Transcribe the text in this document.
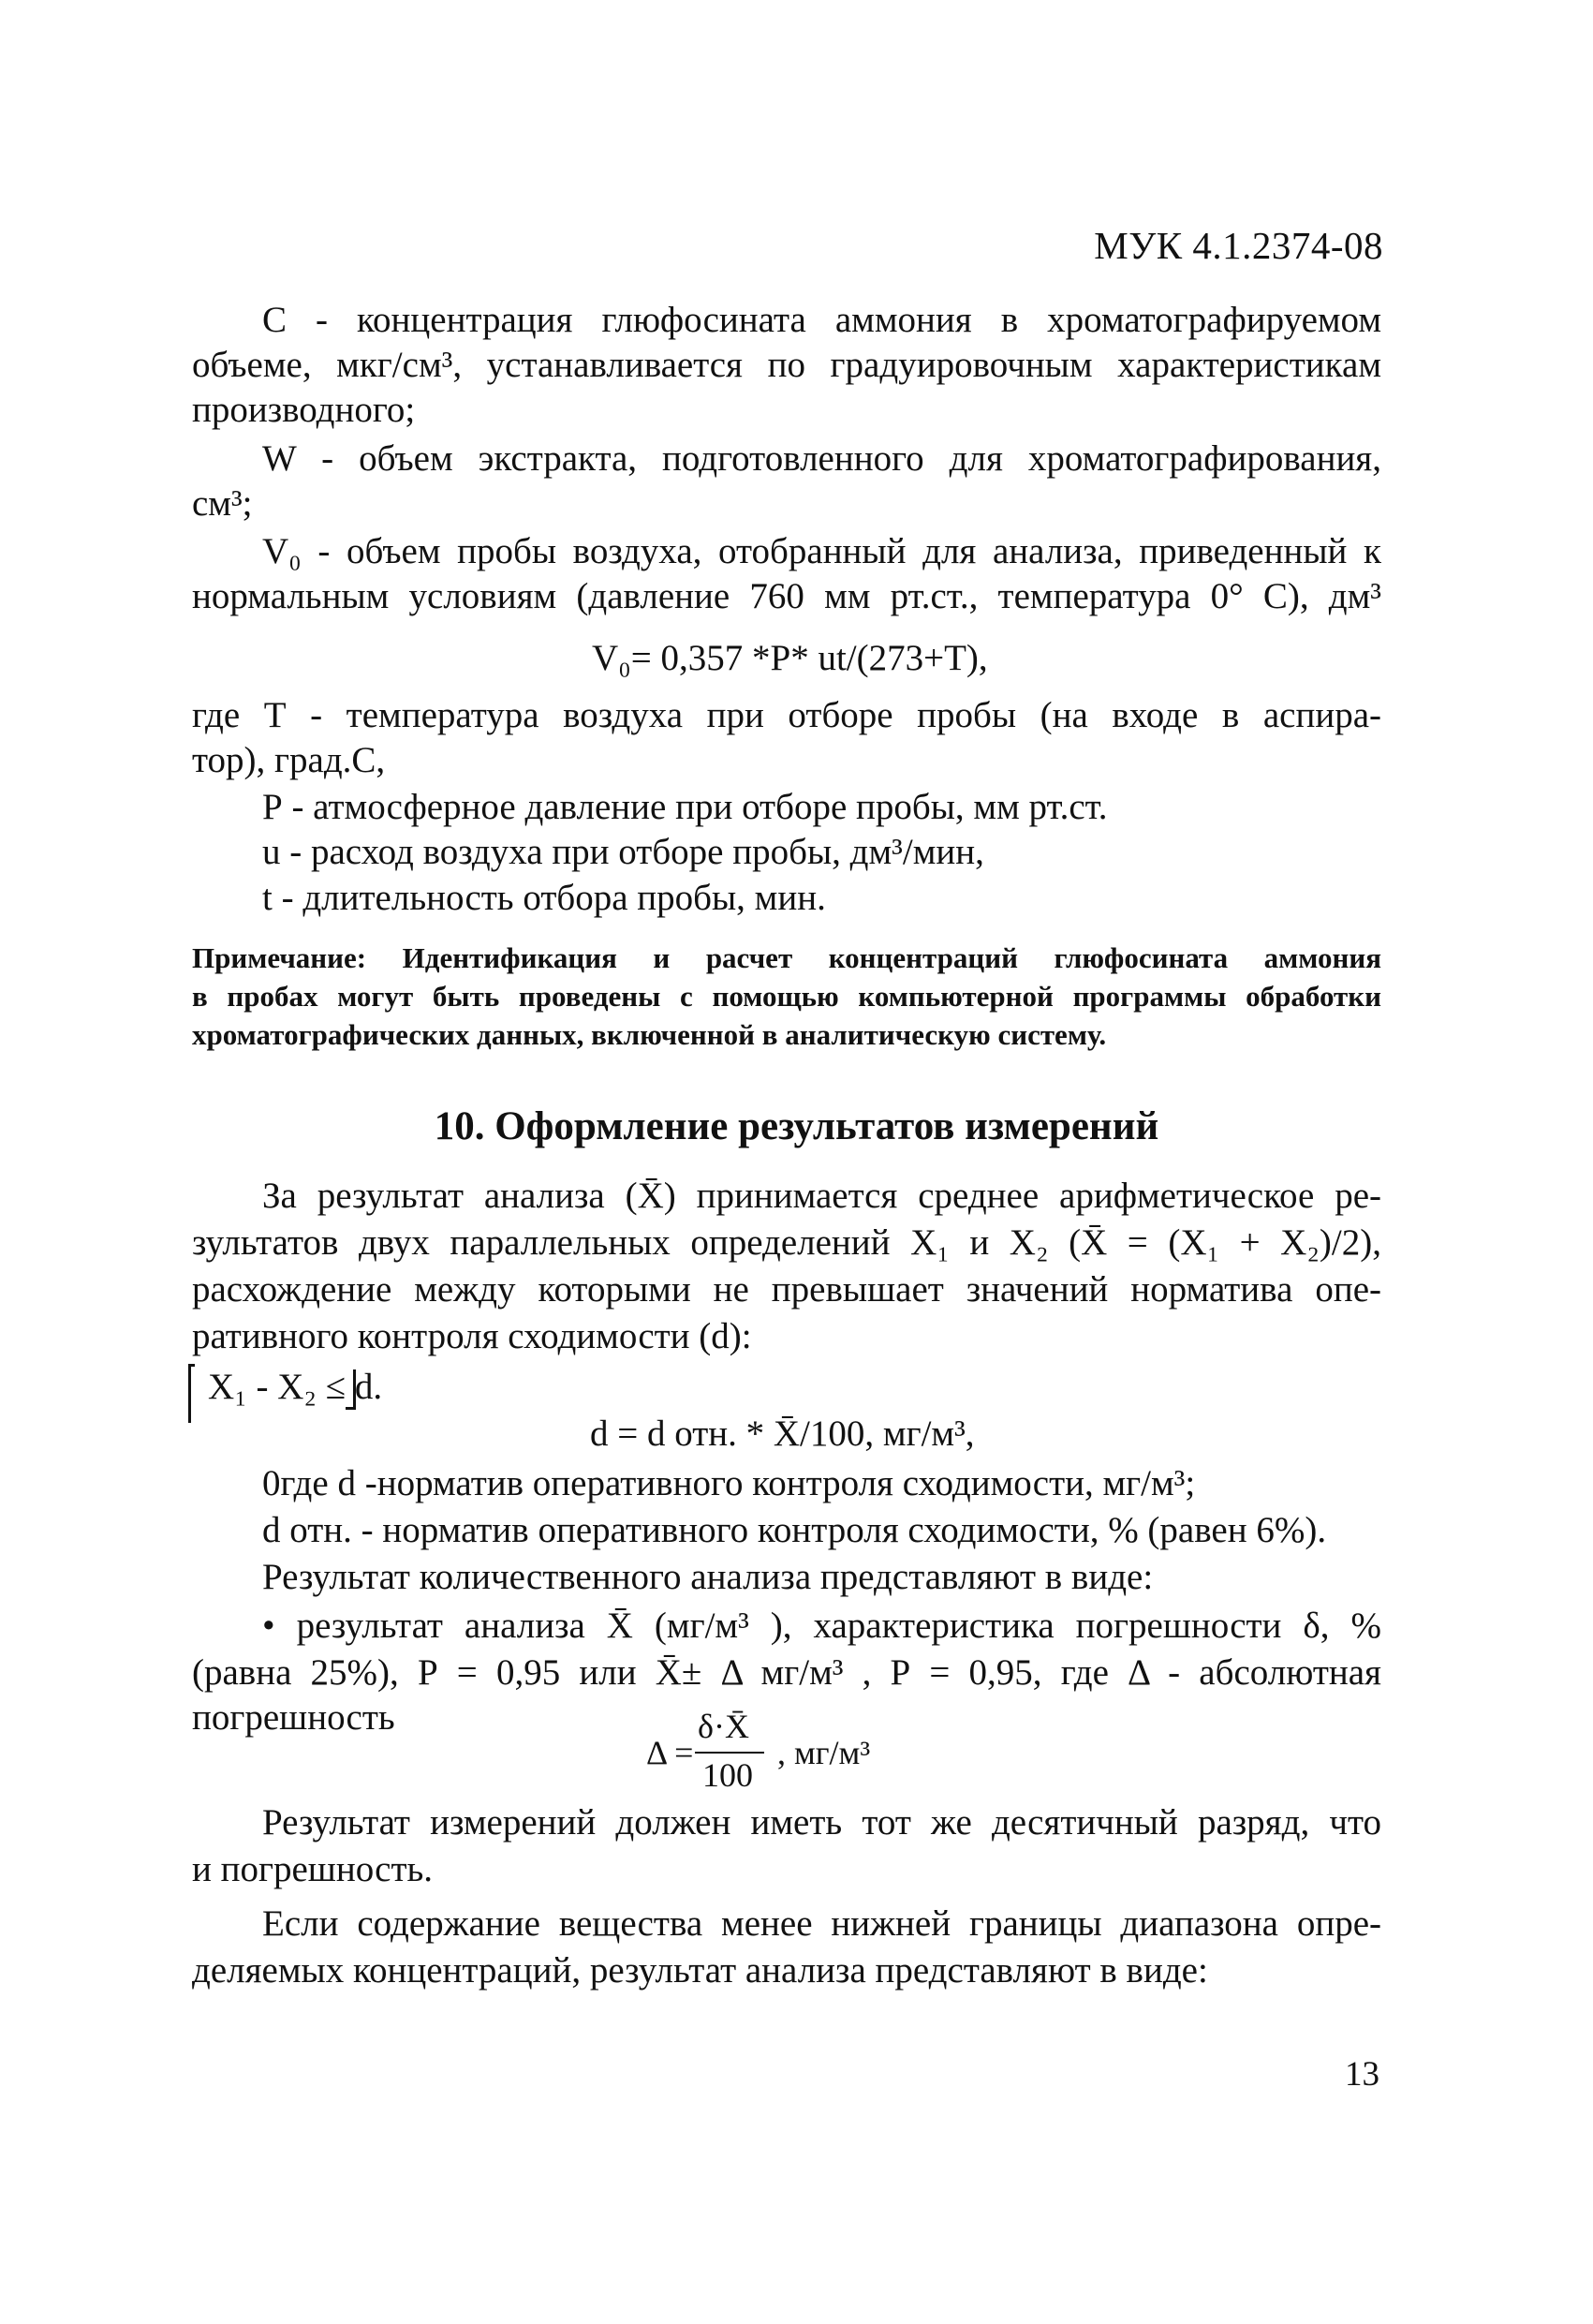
МУК 4.1.2374-08
С - концентрация глюфосината аммония в хроматографируемом
объеме, мкг/см³, устанавливается по градуировочным характеристикам
производного;
W - объем экстракта, подготовленного для хроматографирования,
см³;
V₀ - объем пробы воздуха, отобранный для анализа, приведенный к
нормальным условиям (давление 760 мм рт.ст., температура 0° С), дм³
V₀= 0,357 *P* ut/(273+T),
где Т - температура воздуха при отборе пробы (на входе в аспира-
тор), град.С,
Р - атмосферное давление при отборе пробы, мм рт.ст.
u - расход воздуха при отборе пробы, дм³/мин,
t - длительность отбора пробы, мин.
Примечание: Идентификация и расчет концентраций глюфосината аммония
в пробах могут быть проведены с помощью компьютерной программы обработки
хроматографических данных, включенной в аналитическую систему.
10. Оформление результатов измерений
За результат анализа (X̄) принимается среднее арифметическое ре-
зультатов двух параллельных определений X₁ и X₂ (X̄ = (X₁ + X₂)/2),
расхождение между которыми не превышает значений норматива опе-
ративного контроля сходимости (d):
X₁ - X₂ ≤ d.
d = d отн. * X̄/100, мг/м³,
0где d -норматив оперативного контроля сходимости, мг/м³;
d отн. - норматив оперативного контроля сходимости, % (равен 6%).
Результат количественного анализа представляют в виде:
• результат анализа X̄ (мг/м³ ), характеристика погрешности δ, %
(равна 25%), Р = 0,95 или X̄± Δ мг/м³ , Р = 0,95, где Δ - абсолютная
погрешность
Δ =
δ·X̄
100
, мг/м³
Результат измерений должен иметь тот же десятичный разряд, что
и погрешность.
Если содержание вещества менее нижней границы диапазона опре-
деляемых концентраций, результат анализа представляют в виде:
13
